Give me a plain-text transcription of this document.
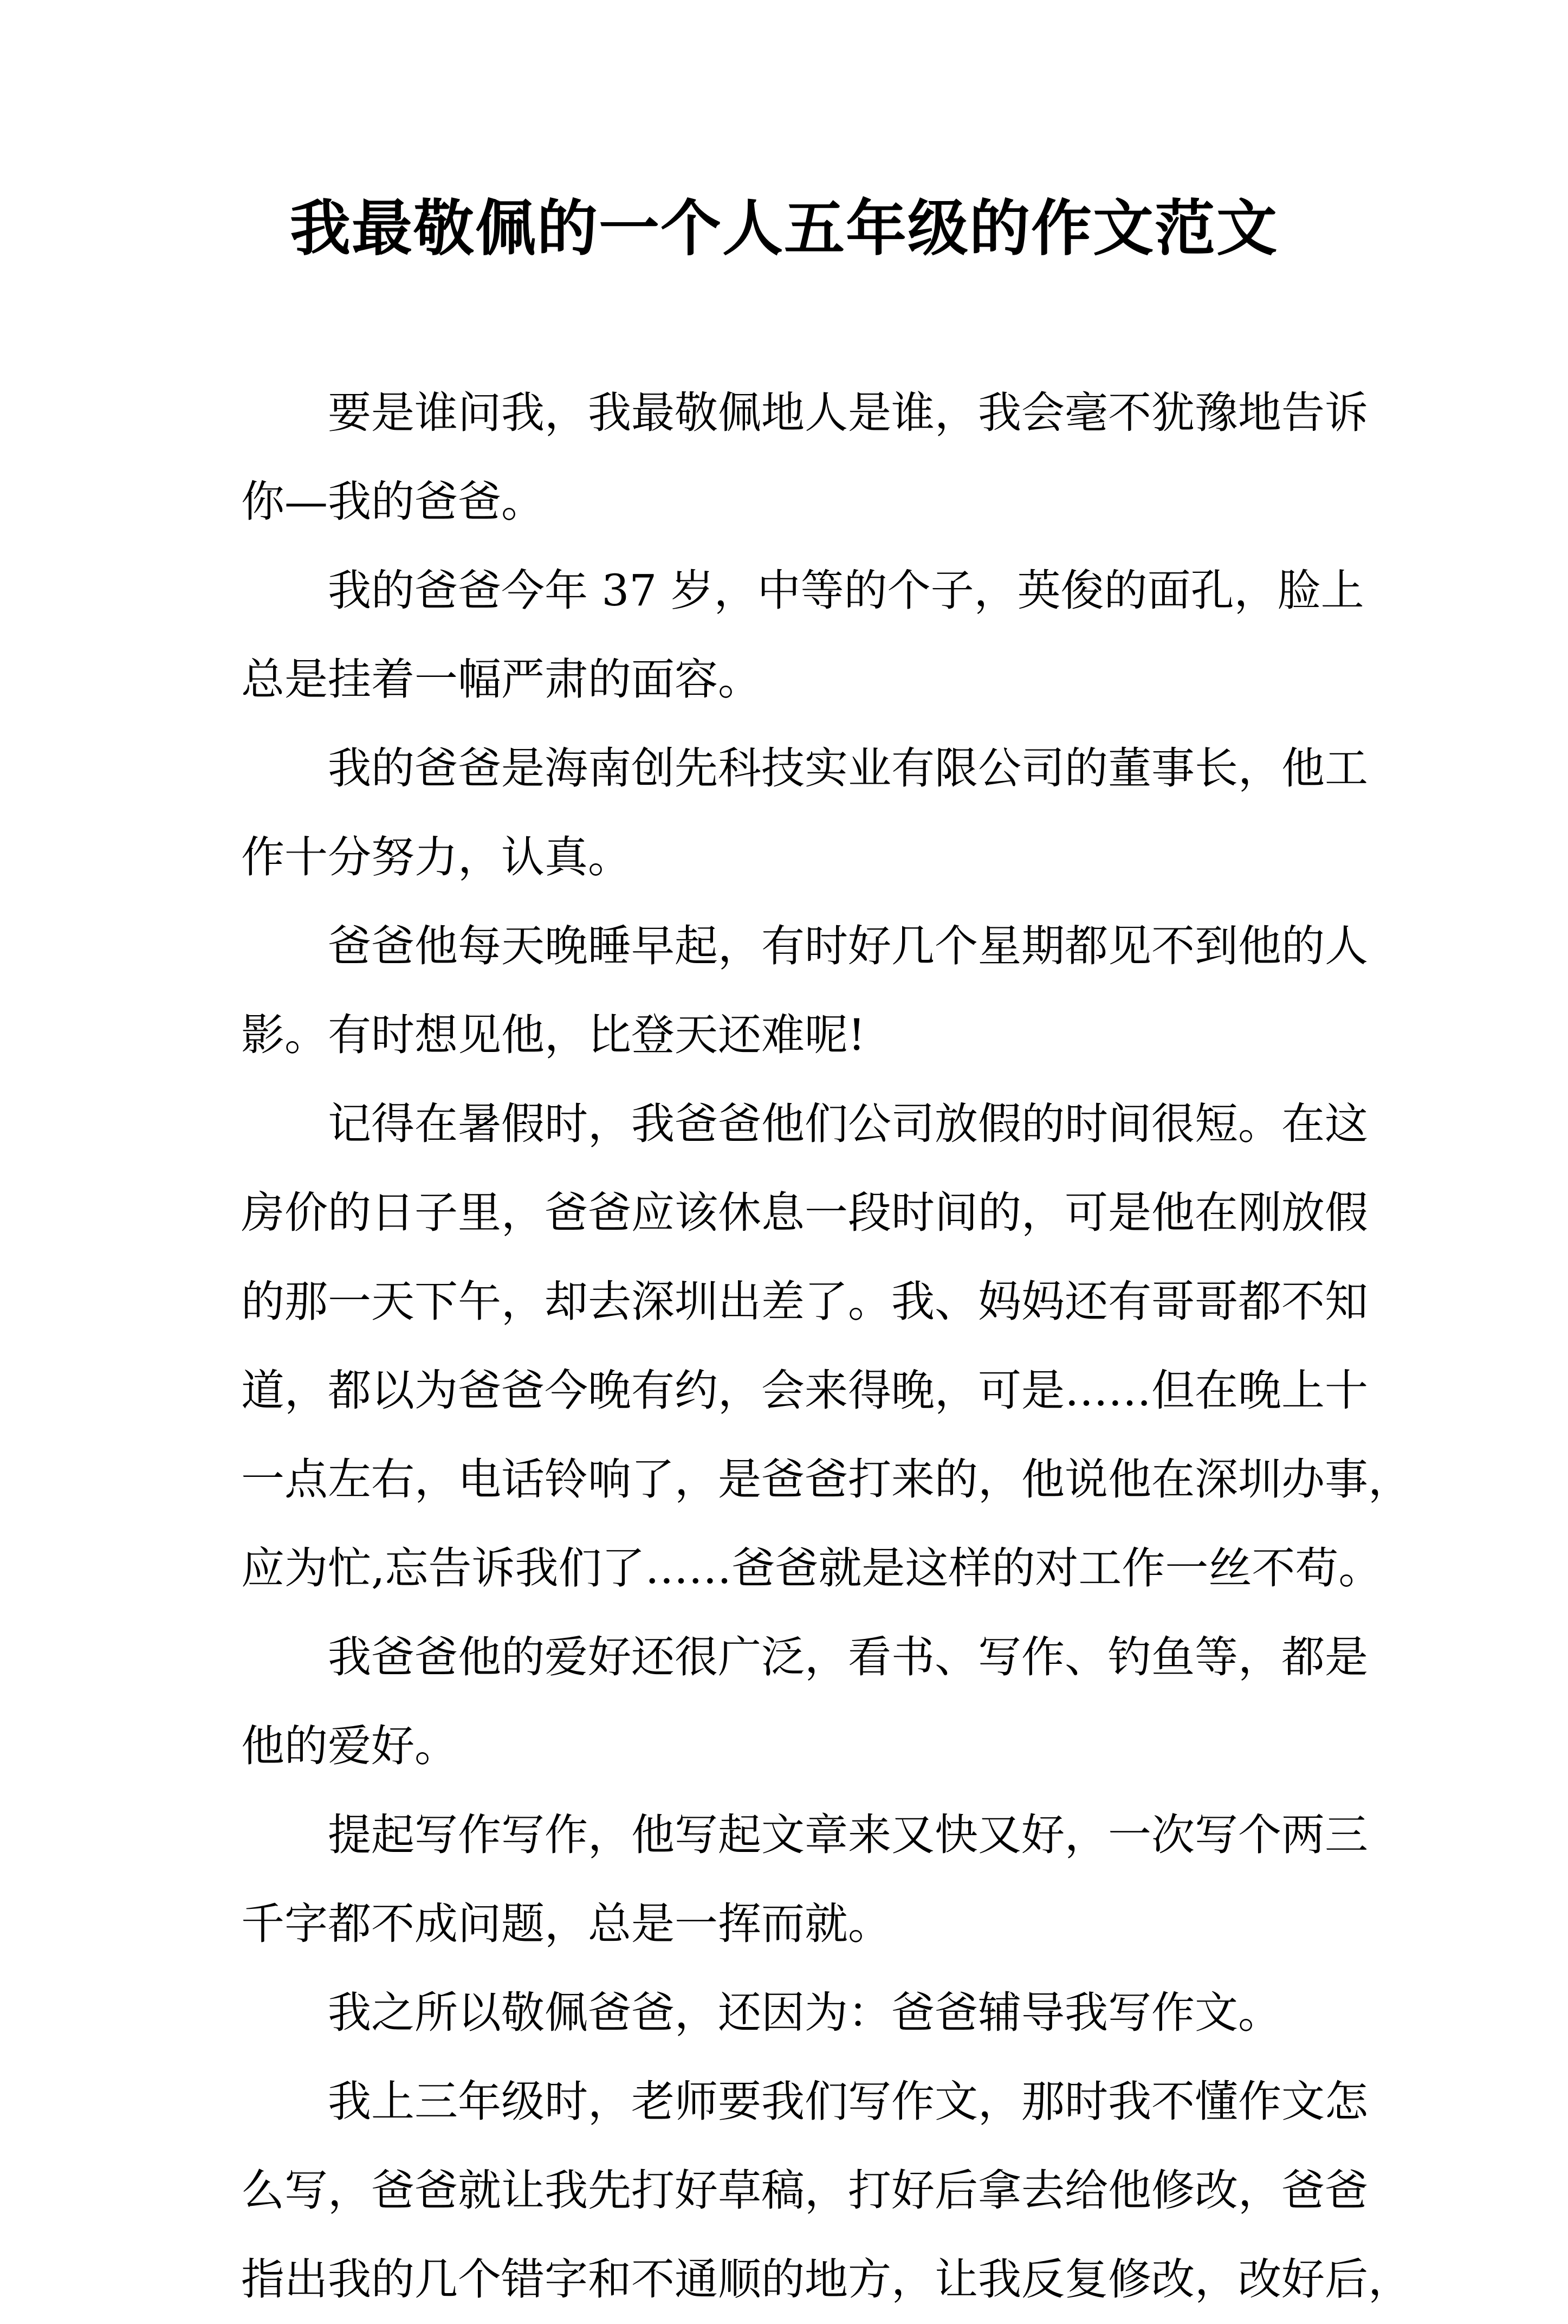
我最敬佩的一个人五年级的作文范文
要是谁问我，我最敬佩地人是谁，我会毫不犹豫地告诉
你—我的爸爸。
我的爸爸今年 37 岁，中等的个子，英俊的面孔，脸上
总是挂着一幅严肃的面容。
我的爸爸是海南创先科技实业有限公司的董事长，他工
作十分努力，认真。
爸爸他每天晚睡早起，有时好几个星期都见不到他的人
影。有时想见他，比登天还难呢!
记得在暑假时，我爸爸他们公司放假的时间很短。在这
房价的日子里，爸爸应该休息一段时间的，可是他在刚放假
的那一天下午，却去深圳出差了。我、妈妈还有哥哥都不知
道，都以为爸爸今晚有约，会来得晚，可是……但在晚上十
一点左右，电话铃响了，是爸爸打来的，他说他在深圳办事，
应为忙,忘告诉我们了……爸爸就是这样的对工作一丝不苟。
我爸爸他的爱好还很广泛，看书、写作、钓鱼等，都是
他的爱好。
提起写作写作，他写起文章来又快又好，一次写个两三
千字都不成问题，总是一挥而就。
我之所以敬佩爸爸，还因为：爸爸辅导我写作文。
我上三年级时，老师要我们写作文，那时我不懂作文怎
么写，爸爸就让我先打好草稿，打好后拿去给他修改，爸爸
指出我的几个错字和不通顺的地方，让我反复修改，改好后，
